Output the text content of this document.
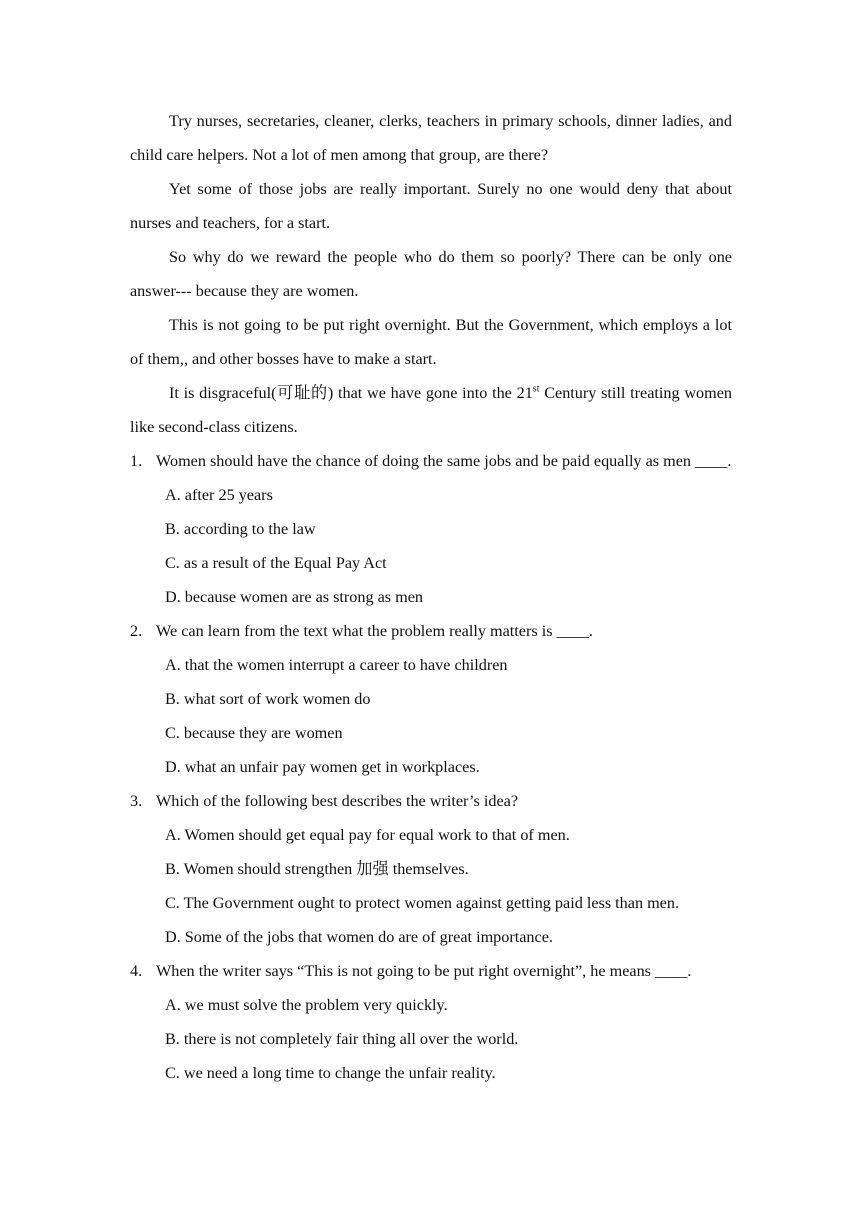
Try nurses, secretaries, cleaner, clerks, teachers in primary schools, dinner ladies, and child care helpers. Not a lot of men among that group, are there?

Yet some of those jobs are really important. Surely no one would deny that about nurses and teachers, for a start.

So why do we reward the people who do them so poorly? There can be only one answer--- because they are women.

This is not going to be put right overnight. But the Government, which employs a lot of them,, and other bosses have to make a start.

It is disgraceful(可耻的) that we have gone into the 21st Century still treating women like second-class citizens.

1. Women should have the chance of doing the same jobs and be paid equally as men ____.

A. after 25 years

B. according to the law

C. as a result of the Equal Pay Act

D. because women are as strong as men

2. We can learn from the text what the problem really matters is ____.

A. that the women interrupt a career to have children

B. what sort of work women do

C. because they are women

D. what an unfair pay women get in workplaces.

3. Which of the following best describes the writer’s idea?

A. Women should get equal pay for equal work to that of men.

B. Women should strengthen 加强 themselves.

C. The Government ought to protect women against getting paid less than men.

D. Some of the jobs that women do are of great importance.

4. When the writer says “This is not going to be put right overnight”, he means ____.

A. we must solve the problem very quickly.

B. there is not completely fair thing all over the world.

C. we need a long time to change the unfair reality.
